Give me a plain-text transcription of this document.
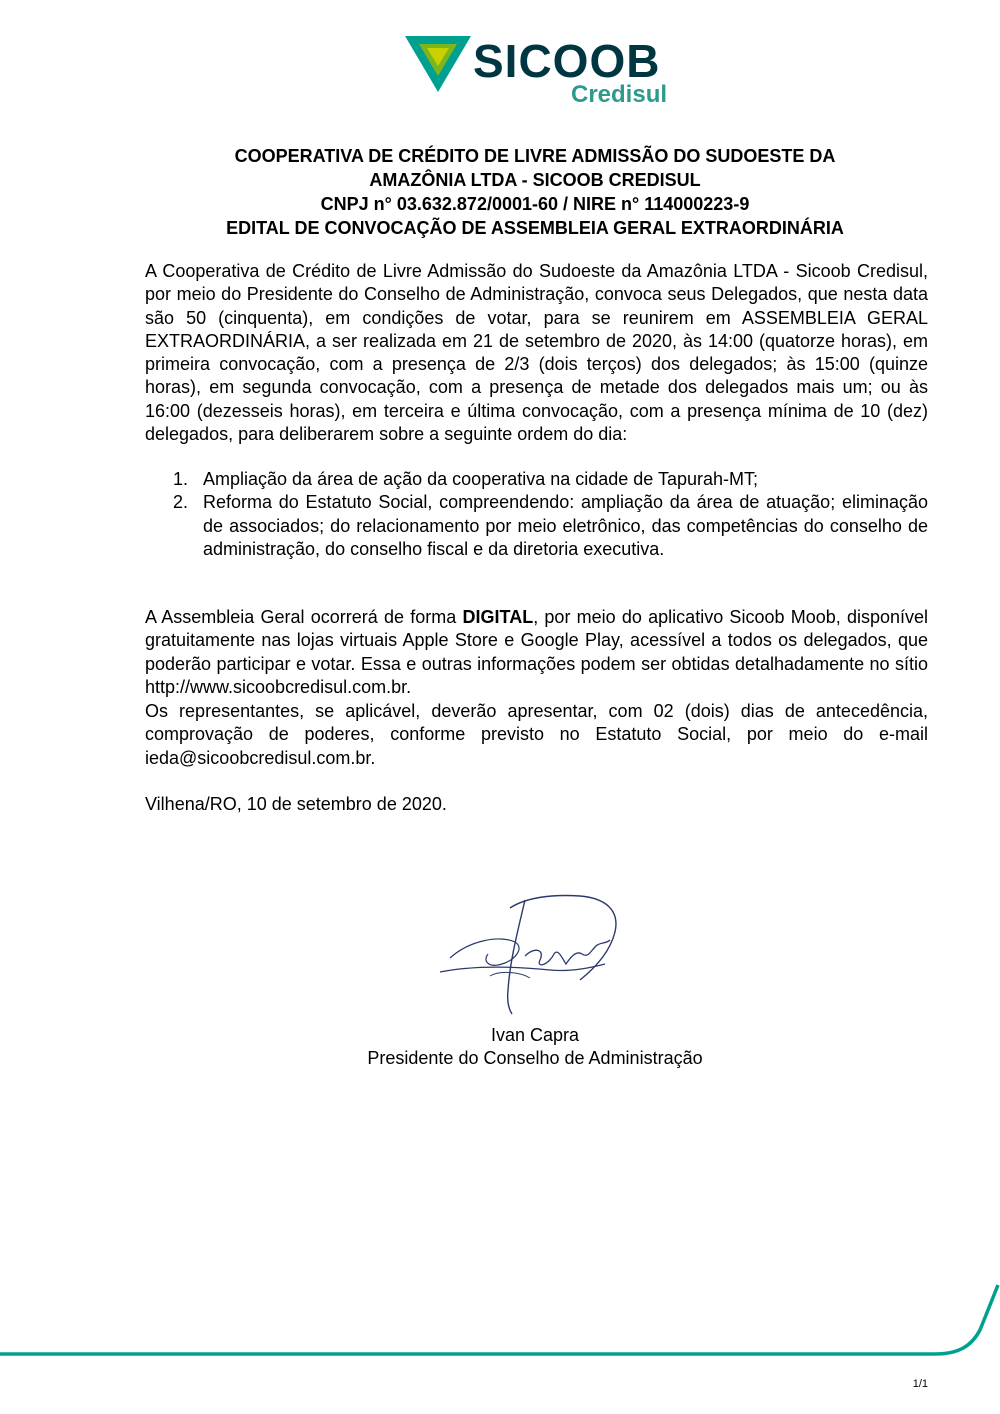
SICOOB
Credisul
COOPERATIVA DE CRÉDITO DE LIVRE ADMISSÃO DO SUDOESTE DA
AMAZÔNIA LTDA - SICOOB CREDISUL
CNPJ n° 03.632.872/0001-60 / NIRE n° 114000223-9
EDITAL DE CONVOCAÇÃO DE ASSEMBLEIA GERAL EXTRAORDINÁRIA
A Cooperativa de Crédito de Livre Admissão do Sudoeste da Amazônia LTDA - Sicoob Credisul, por meio do Presidente do Conselho de Administração, convoca seus Delegados, que nesta data são 50 (cinquenta), em condições de votar, para se reunirem em ASSEMBLEIA GERAL EXTRAORDINÁRIA, a ser realizada em 21 de setembro de 2020, às 14:00 (quatorze horas), em primeira convocação, com a presença de 2/3 (dois terços) dos delegados; às 15:00 (quinze horas), em segunda convocação, com a presença de metade dos delegados mais um; ou às 16:00 (dezesseis horas), em terceira e última convocação, com a presença mínima de 10 (dez) delegados, para deliberarem sobre a seguinte ordem do dia:
1. Ampliação da área de ação da cooperativa na cidade de Tapurah-MT;
2. Reforma do Estatuto Social, compreendendo: ampliação da área de atuação; eliminação de associados; do relacionamento por meio eletrônico, das competências do conselho de administração, do conselho fiscal e da diretoria executiva.
A Assembleia Geral ocorrerá de forma DIGITAL, por meio do aplicativo Sicoob Moob, disponível gratuitamente nas lojas virtuais Apple Store e Google Play, acessível a todos os delegados, que poderão participar e votar. Essa e outras informações podem ser obtidas detalhadamente no sítio http://www.sicoobcredisul.com.br.
Os representantes, se aplicável, deverão apresentar, com 02 (dois) dias de antecedência, comprovação de poderes, conforme previsto no Estatuto Social, por meio do e-mail ieda@sicoobcredisul.com.br.
Vilhena/RO, 10 de setembro de 2020.
Ivan Capra
Presidente do Conselho de Administração
1/1
